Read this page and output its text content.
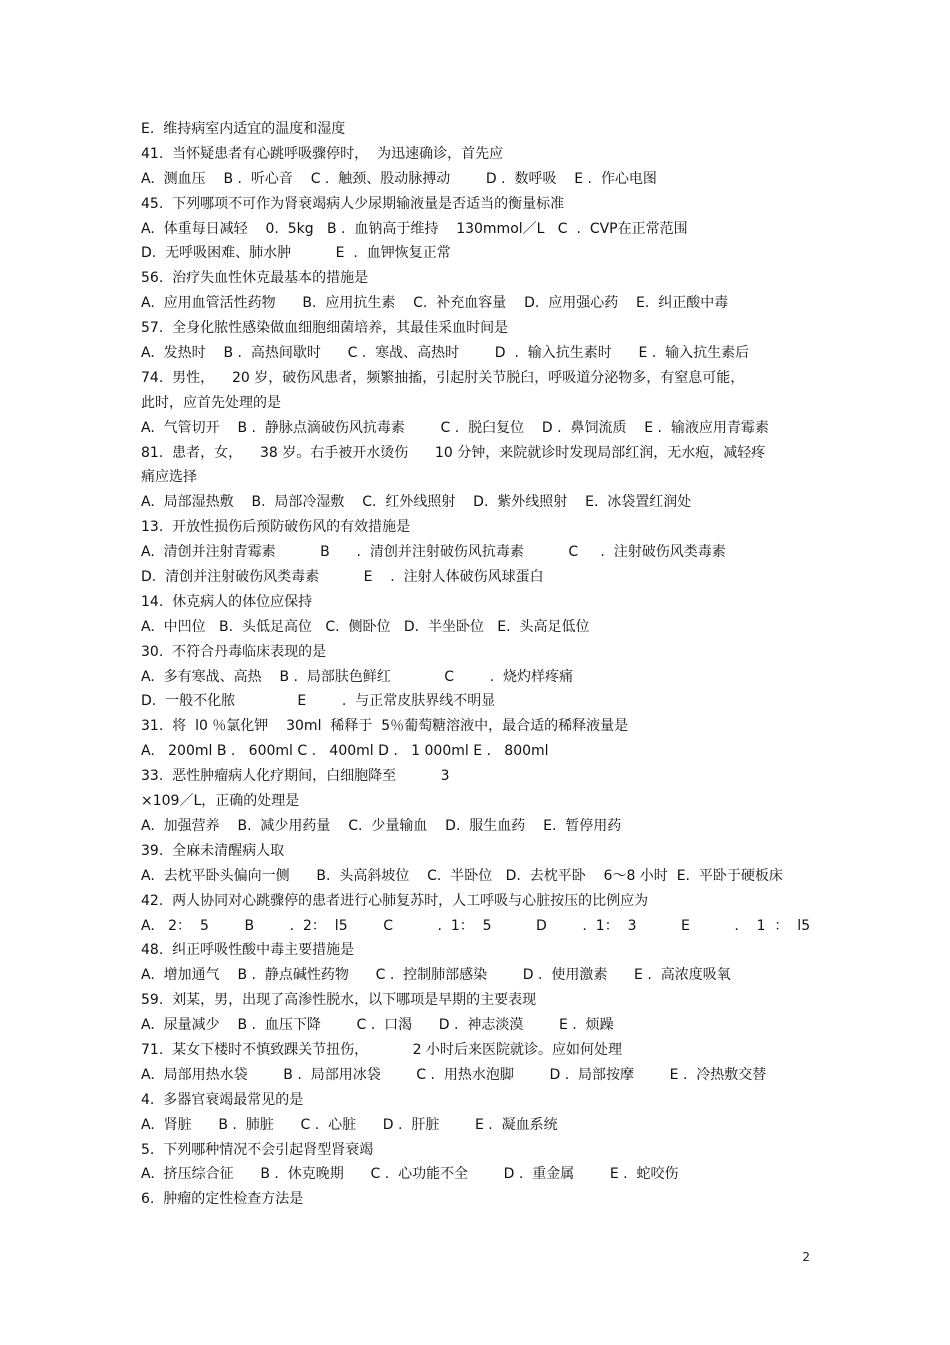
E.  维持病室内适宜的温度和湿度
41.  当怀疑患者有心跳呼吸骤停时，  为迅速确诊，首先应
A.  测血压    B .  听心音    C .  触颈、股动脉搏动        D .  数呼吸    E .  作心电图
45.  下列哪项不可作为肾衰竭病人少尿期输液量是否适当的衡量标准
A.  体重每日减轻    0.  5kg   B .  血钠高于维持    130mmol／L   C  .  CVP在正常范围
D.  无呼吸困难、肺水肿          E  .  血钾恢复正常
56.  治疗失血性休克最基本的措施是
A.  应用血管活性药物      B.  应用抗生素    C.  补充血容量    D.  应用强心药    E.  纠正酸中毒
57.  全身化脓性感染做血细胞细菌培养，其最佳采血时间是
A.  发热时    B .  高热间歇时      C .  寒战、高热时        D  .  输入抗生素时      E .  输入抗生素后
74.  男性，    20 岁，破伤风患者，频繁抽搐，引起肘关节脱臼，呼吸道分泌物多，有窒息可能，
此时，应首先处理的是
A.  气管切开    B .  静脉点滴破伤风抗毒素        C .  脱臼复位    D .  鼻饲流质    E .  输液应用青霉素
81.  患者，女，    38 岁。右手被开水烫伤      10 分钟，来院就诊时发现局部红润，无水疱，减轻疼
痛应选择
A.  局部湿热敷    B.  局部冷湿敷    C.  红外线照射    D.  紫外线照射    E.  冰袋置红润处
13.  开放性损伤后预防破伤风的有效措施是
A.  清创并注射青霉素          B      .  清创并注射破伤风抗毒素          C     .  注射破伤风类毒素
D.  清创并注射破伤风类毒素          E    .  注射人体破伤风球蛋白
14.  休克病人的体位应保持
A.  中凹位   B.  头低足高位   C.  侧卧位   D.  半坐卧位   E.  头高足低位
30.  不符合丹毒临床表现的是
A.  多有寒战、高热    B .  局部肤色鲜红            C        .  烧灼样疼痛
D.  一般不化脓              E        .  与正常皮肤界线不明显
31.  将  l0 ％氯化钾    30ml  稀释于  5％葡萄糖溶液中，最合适的稀释液量是
A.   200ml B .   600ml C .   400ml D .   1 000ml E .   800ml
33.  恶性肿瘤病人化疗期间，白细胞降至          3
×109／L，正确的处理是
A.  加强营养    B.  减少用药量    C.  少量输血    D.  服生血药    E.  暂停用药
39.  全麻未清醒病人取
A.  去枕平卧头偏向一侧      B.  头高斜坡位    C.  半卧位   D.  去枕平卧    6～8 小时  E.  平卧于硬板床
42.  两人协同对心跳骤停的患者进行心肺复苏时，人工呼吸与心脏按压的比例应为
A.   2：  5        B        .  2：  l5        C          .  1：  5          D        .  1：  3          E          .    1  ：  l5
48.  纠正呼吸性酸中毒主要措施是
A.  增加通气    B .  静点碱性药物      C .  控制肺部感染        D .  使用激素      E .  高浓度吸氧
59.  刘某，男，出现了高渗性脱水，以下哪项是早期的主要表现
A.  尿量减少    B .  血压下降        C .  口渴      D .  神志淡漠        E .  烦躁
71.  某女下楼时不慎致踝关节扭伤，          2 小时后来医院就诊。应如何处理
A.  局部用热水袋        B .  局部用冰袋        C .  用热水泡脚        D .  局部按摩        E .  冷热敷交替
4.  多器官衰竭最常见的是
A.  肾脏      B .  肺脏      C .  心脏      D .  肝脏        E .  凝血系统
5.  下列哪种情况不会引起肾型肾衰竭
A.  挤压综合征      B .  休克晚期      C .  心功能不全        D .  重金属        E .  蛇咬伤
6.  肿瘤的定性检查方法是
2
